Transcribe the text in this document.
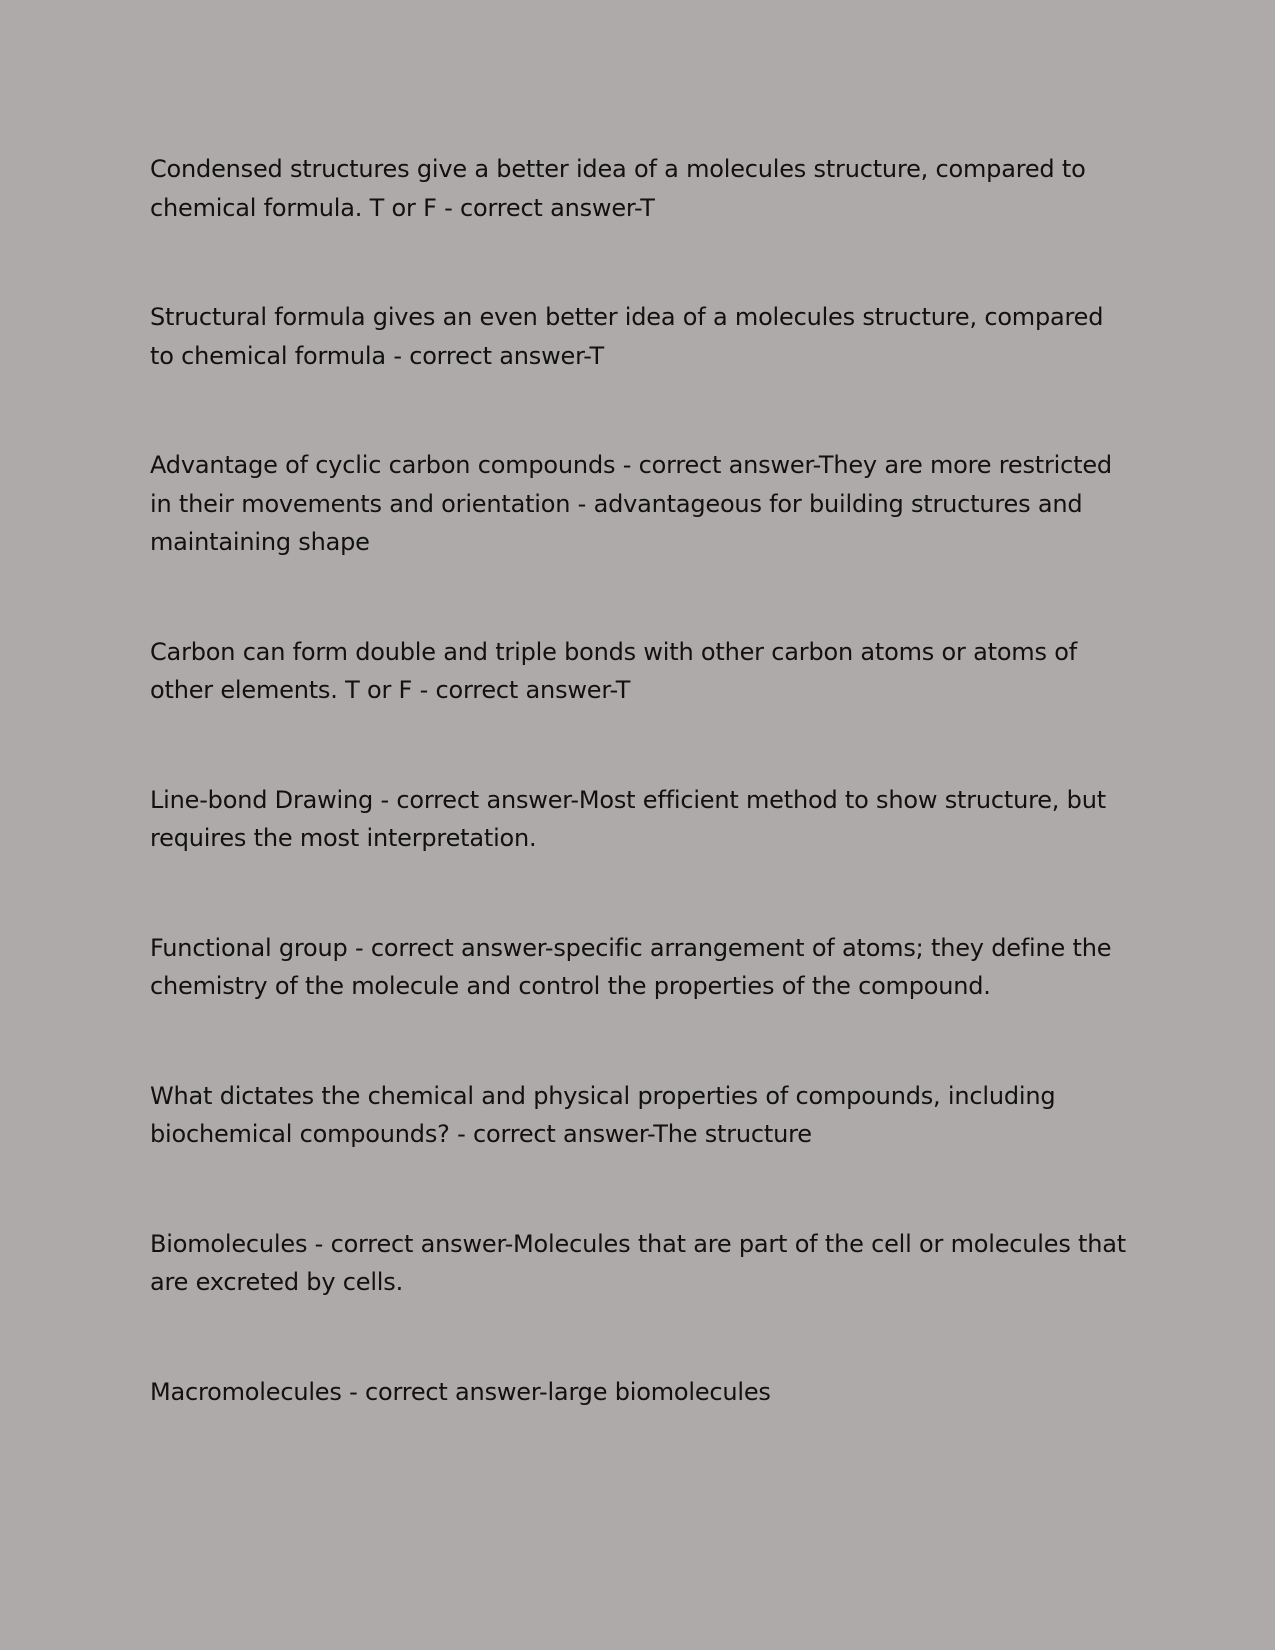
Condensed structures give a better idea of a molecules structure, compared to chemical formula. T or F - correct answer-T

Structural formula gives an even better idea of a molecules structure, compared to chemical formula - correct answer-T

Advantage of cyclic carbon compounds - correct answer-They are more restricted in their movements and orientation - advantageous for building structures and maintaining shape

Carbon can form double and triple bonds with other carbon atoms or atoms of other elements. T or F - correct answer-T

Line-bond Drawing - correct answer-Most efficient method to show structure, but requires the most interpretation.

Functional group - correct answer-specific arrangement of atoms; they define the chemistry of the molecule and control the properties of the compound.

What dictates the chemical and physical properties of compounds, including biochemical compounds? - correct answer-The structure

Biomolecules - correct answer-Molecules that are part of the cell or molecules that are excreted by cells.

Macromolecules - correct answer-large biomolecules
